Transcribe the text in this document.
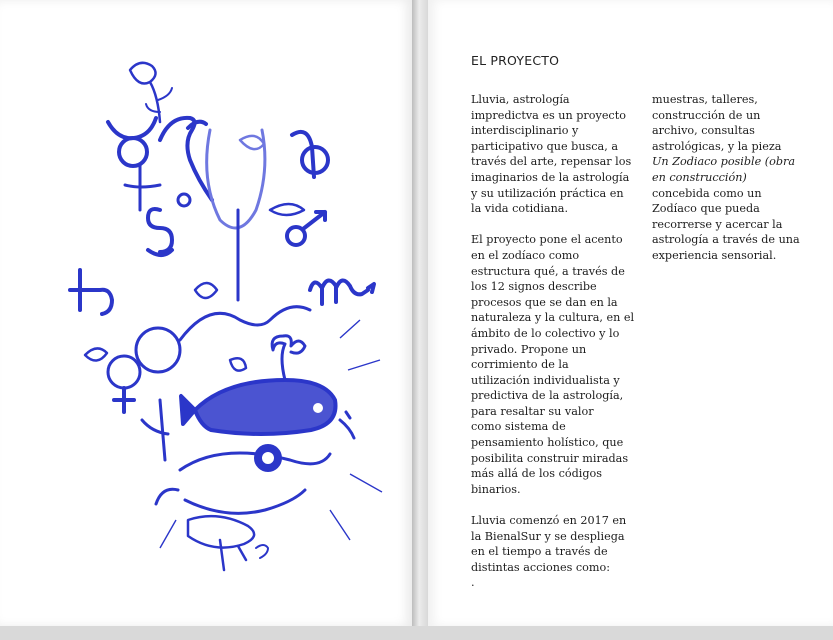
EL PROYECTO

Lluvia, astrología
impredictva es un proyecto
interdisciplinario y
participativo que busca, a
través del arte, repensar los
imaginarios de la astrología
y su utilización práctica en
la vida cotidiana.

El proyecto pone el acento
en el zodíaco como
estructura qué, a través de
los 12 signos describe
procesos que se dan en la
naturaleza y la cultura, en el
ámbito de lo colectivo y lo
privado. Propone un
corrimiento de la
utilización individualista y
predictiva de la astrología,
para resaltar su valor
como sistema de
pensamiento holístico, que
posibilita construir miradas
más allá de los códigos
binarios.

Lluvia comenzó en 2017 en
la BienalSur y se despliega
en el tiempo a través de
distintas acciones como:
.

muestras, talleres,
construcción de un
archivo, consultas
astrológicas, y la pieza
Un Zodiaco posible (obra
en construcción)
concebida como un
Zodíaco que pueda
recorrerse y acercar la
astrología a través de una
experiencia sensorial.
